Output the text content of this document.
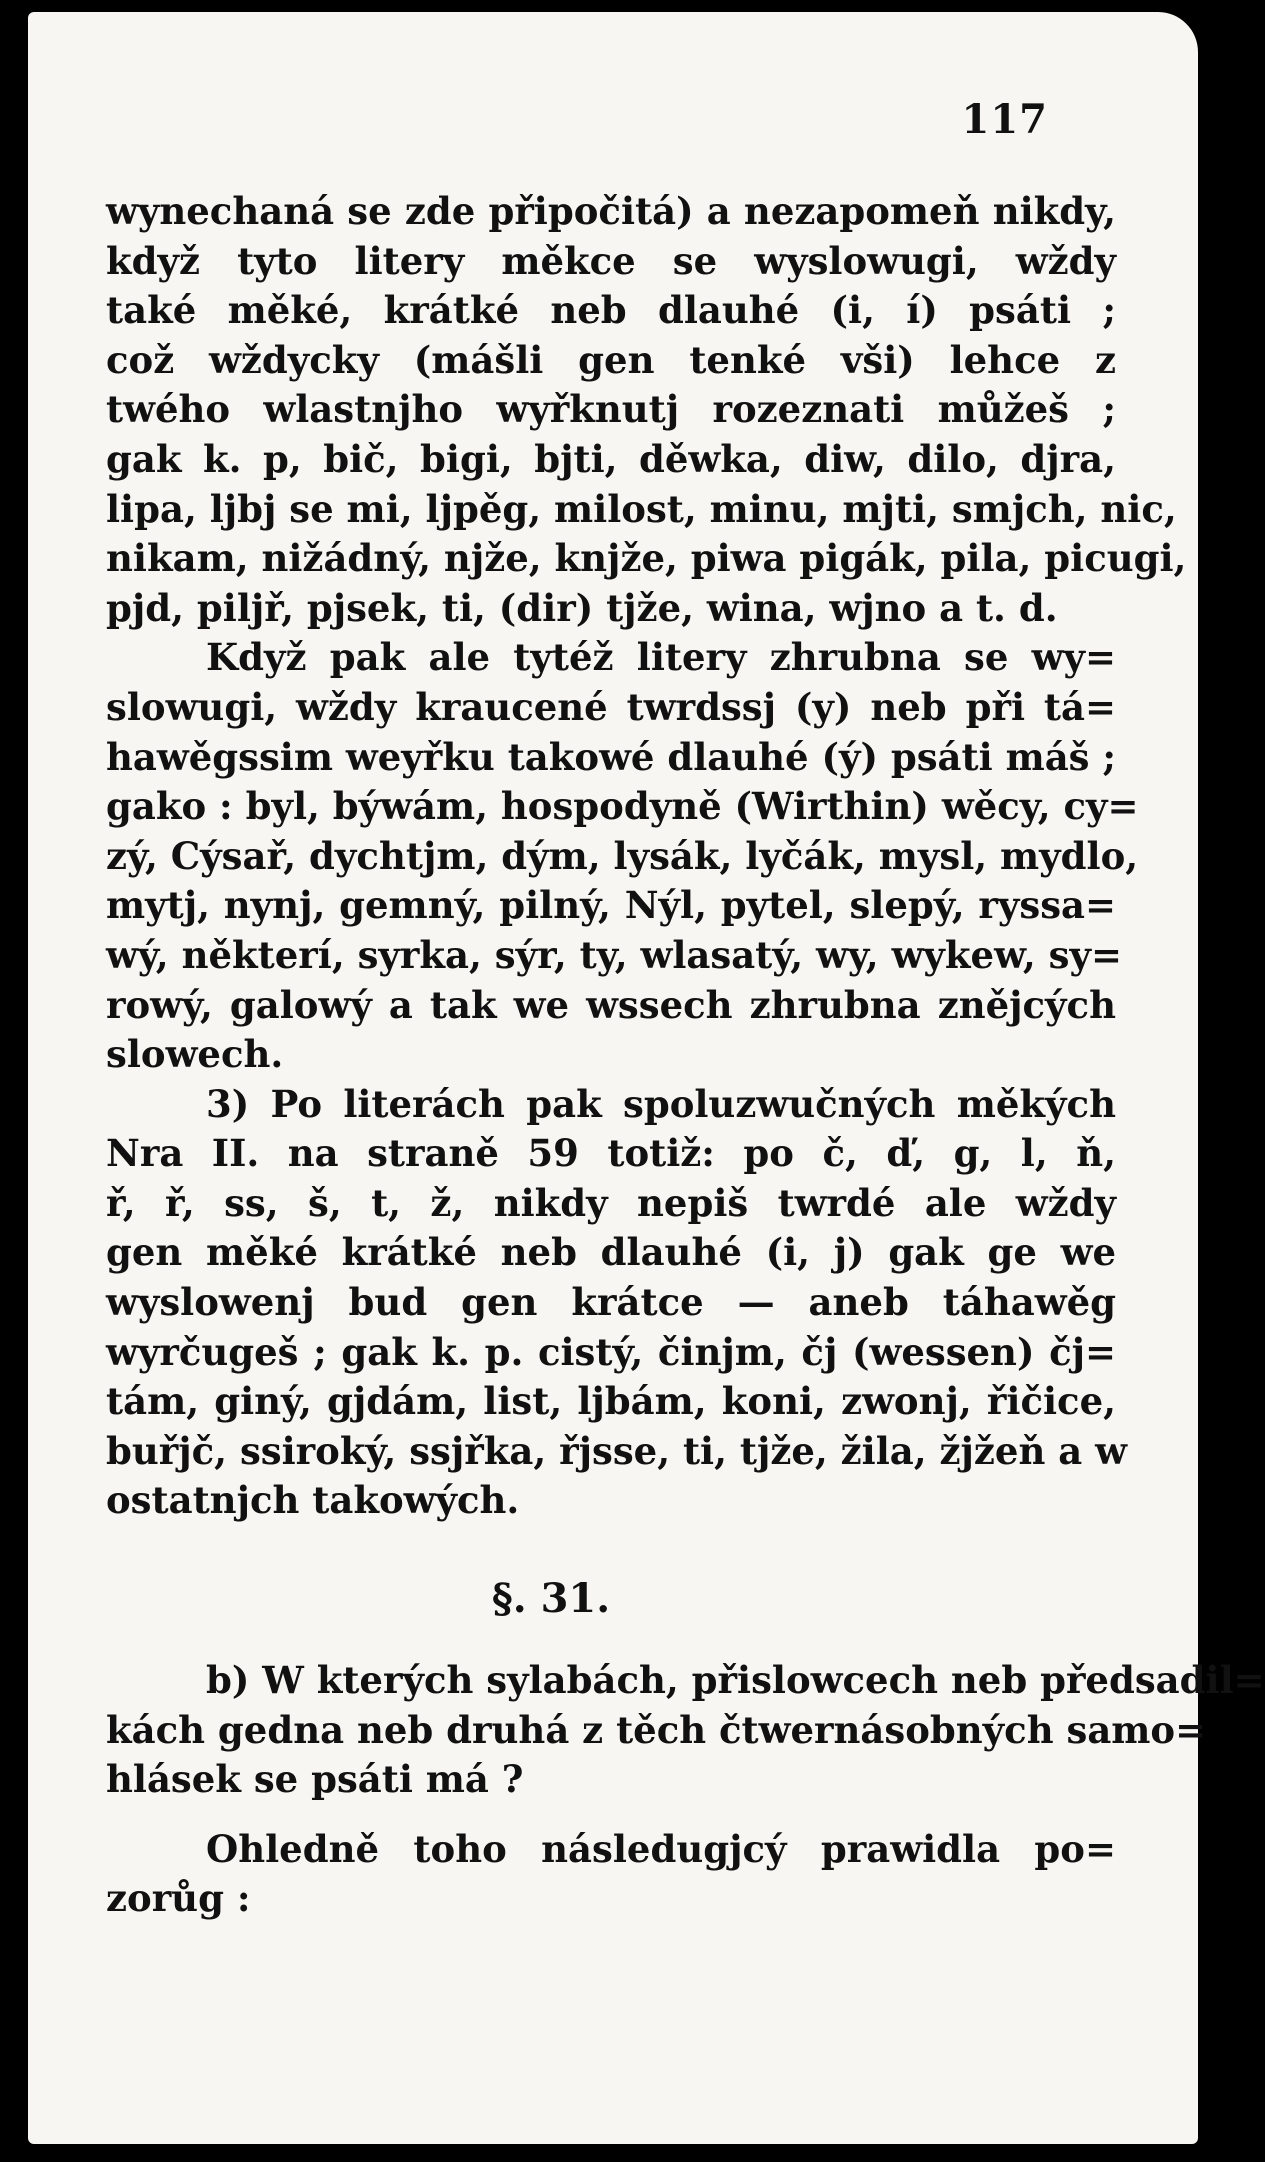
117
wynechaná se zde připočitá) a nezapomeň nikdy,
když tyto litery měkce se wyslowugi, wždy
také měké, krátké neb dlauhé (i, í) psáti ;
což wždycky (mášli gen tenké vši) lehce z
twého wlastnjho wyřknutj rozeznati můžeš ;
gak k. p, bič, bigi, bjti, děwka, diw, dilo, djra,
lipa, ljbj se mi, ljpěg, milost, minu, mjti, smjch, nic,
nikam, nižádný, njže, knjže, piwa pigák, pila, picugi,
pjd, piljř, pjsek, ti, (dir) tjže, wina, wjno a t. d.
Když pak ale tytéž litery zhrubna se wy=
slowugi, wždy kraucené twrdssj (y) neb při tá=
hawěgssim weyřku takowé dlauhé (ý) psáti máš ;
gako : byl, býwám, hospodyně (Wirthin) wěcy, cy=
zý, Cýsař, dychtjm, dým, lysák, lyčák, mysl, mydlo,
mytj, nynj, gemný, pilný, Nýl, pytel, slepý, ryssa=
wý, některí, syrka, sýr, ty, wlasatý, wy, wykew, sy=
rowý, galowý a tak we wssech zhrubna znějcých
slowech.
3) Po literách pak spoluzwučných měkých
Nra II. na straně 59 totiž: po č, ď, g, l, ň,
ř, ř, ss, š, t, ž, nikdy nepiš twrdé ale wždy
gen měké krátké neb dlauhé (i, j) gak ge we
wyslowenj bud gen krátce — aneb táhawěg
wyrčugeš ; gak k. p. cistý, činjm, čj (wessen) čj=
tám, giný, gjdám, list, ljbám, koni, zwonj, řičice,
buřjč, ssiroký, ssjřka, řjsse, ti, tjže, žila, žjžeň a w
ostatnjch takowých.
§. 31.
b) W kterých sylabách, přislowcech neb předsadil=
kách gedna neb druhá z těch čtwernásobných samo=
hlásek se psáti má ?
Ohledně toho následugjcý prawidla po=
zorůg :
